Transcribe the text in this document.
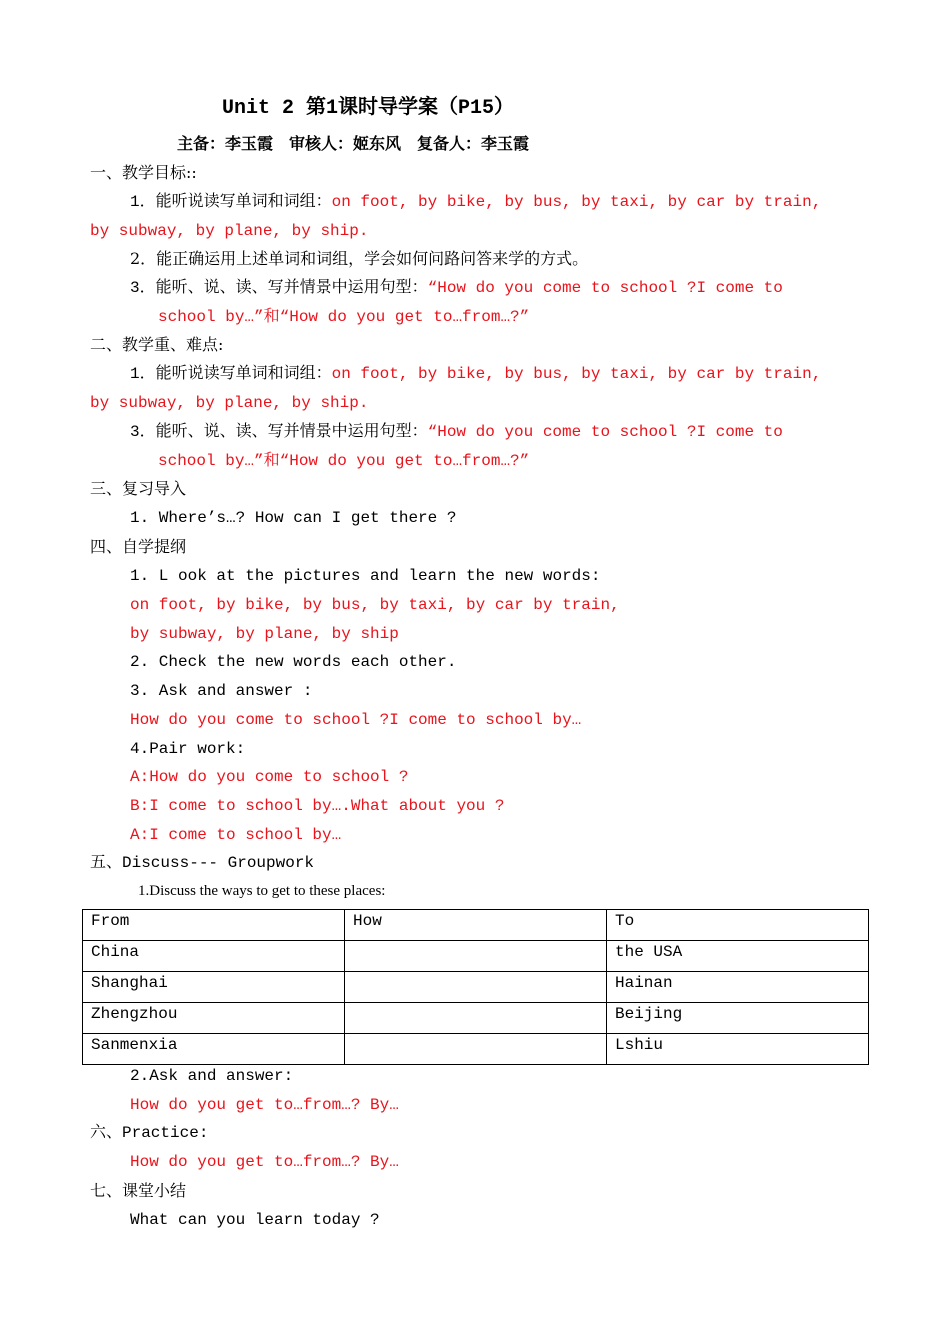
Unit 2 第1课时导学案（P15）
主备：李玉霞　审核人：姬东风　复备人：李玉霞
一、教学目标::
1．能听说读写单词和词组：on foot, by bike, by bus, by taxi, by car by train,
by subway, by plane, by ship.
2．能正确运用上述单词和词组，学会如何问路问答来学的方式。
3．能听、说、读、写并情景中运用句型：“How do you come to school ?I come to
school by…”和“How do you get to…from…?”
二、教学重、难点:
1．能听说读写单词和词组：on foot, by bike, by bus, by taxi, by car by train,
by subway, by plane, by ship.
3．能听、说、读、写并情景中运用句型：“How do you come to school ?I come to
school by…”和“How do you get to…from…?”
三、复习导入
1. Where’s…? How can I get there ?
四、自学提纲
1. L ook at the pictures and learn the new words:
on foot, by bike, by bus, by taxi, by car by train,
by subway, by plane, by ship
2. Check the new words each other.
3. Ask and answer :
How do you come to school ?I come to school by…
4.Pair work:
A:How do you come to school ?
B:I come to school by….What about you ?
A:I come to school by…
五、Discuss--- Groupwork
1.Discuss the ways to get to these places:
From	How	To
China		the USA
Shanghai		Hainan
Zhengzhou		Beijing
Sanmenxia		Lshiu
2.Ask and answer:
How do you get to…from…? By…
六、Practice:
How do you get to…from…? By…
七、课堂小结
What can you learn today ?
